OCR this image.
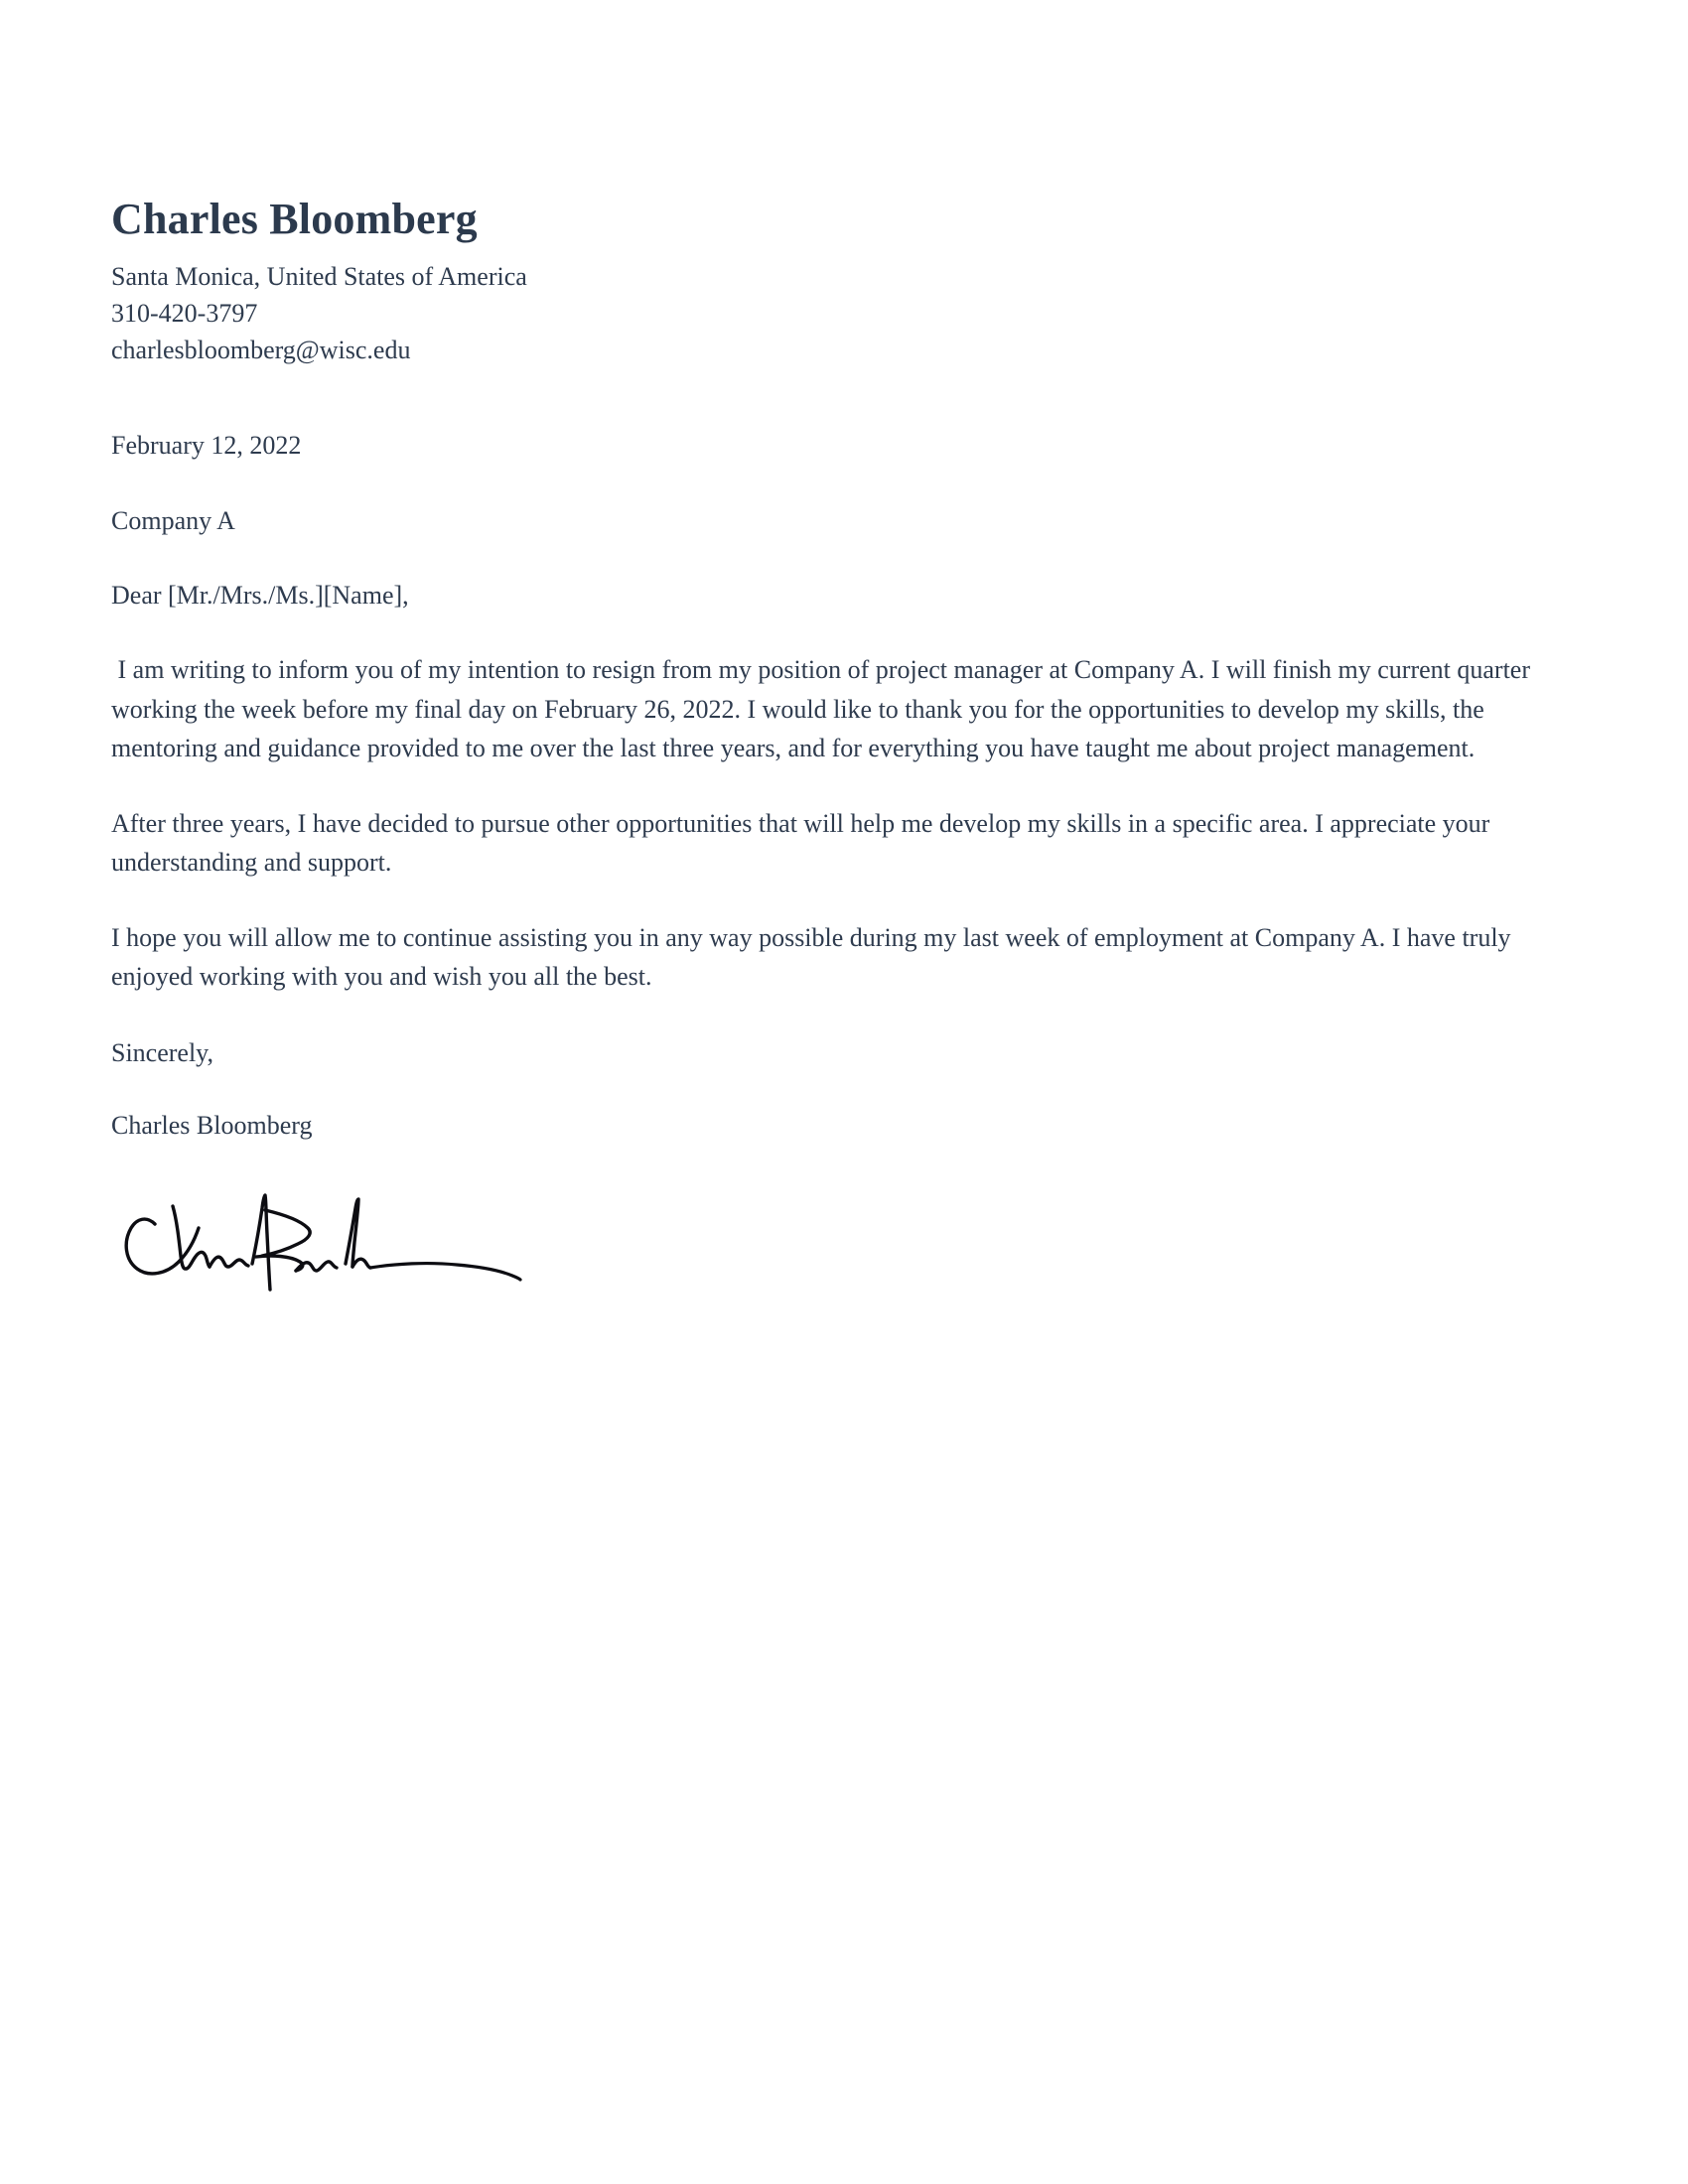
Charles Bloomberg

Santa Monica, United States of America

310-420-3797

charlesbloomberg@wisc.edu

February 12, 2022

Company A

Dear [Mr./Mrs./Ms.][Name],

I am writing to inform you of my intention to resign from my position of project manager at Company A. I will finish my current quarter working the week before my final day on February 26, 2022. I would like to thank you for the opportunities to develop my skills, the mentoring and guidance provided to me over the last three years, and for everything you have taught me about project management.

After three years, I have decided to pursue other opportunities that will help me develop my skills in a specific area. I appreciate your understanding and support.

I hope you will allow me to continue assisting you in any way possible during my last week of employment at Company A. I have truly enjoyed working with you and wish you all the best.

Sincerely,

Charles Bloomberg
